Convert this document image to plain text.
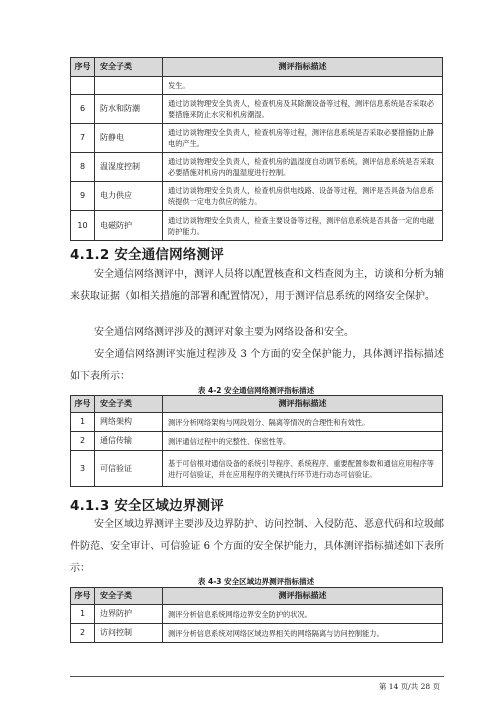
序号	安全子类	测评指标描述
		发生。
6	防水和防潮	通过访谈物理安全负责人，检查机房及其除潮设备等过程，测评信息系统是否采取必要措施来防止水灾和机房潮湿。
7	防静电	通过访谈物理安全负责人，检查机房等过程，测评信息系统是否采取必要措施防止静电的产生。
8	温湿度控制	通过访谈物理安全负责人，检查机房的温湿度自动调节系统，测评信息系统是否采取必要措施对机房内的温湿度进行控制。
9	电力供应	通过访谈物理安全负责人，检查机房供电线路、设备等过程，测评是否具备为信息系统提供一定电力供应的能力。
10	电磁防护	通过访谈物理安全负责人，检查主要设备等过程，测评信息系统是否具备一定的电磁防护能力。
4.1.2 安全通信网络测评
安全通信网络测评中，测评人员将以配置核查和文档查阅为主，访谈和分析为辅来获取证据（如相关措施的部署和配置情况），用于测评信息系统的网络安全保护。
安全通信网络测评涉及的测评对象主要为网络设备和安全。
安全通信网络测评实施过程涉及 3 个方面的安全保护能力，具体测评指标描述如下表所示：
表 4-2 安全通信网络测评指标描述
序号	安全子类	测评指标描述
1	网络架构	测评分析网络架构与网段划分、隔离等情况的合理性和有效性。
2	通信传输	测评通信过程中的完整性、保密性等。
3	可信验证	基于可信根对通信设备的系统引导程序、系统程序、重要配置参数和通信应用程序等进行可信验证，并在应用程序的关键执行环节进行动态可信验证。
4.1.3 安全区域边界测评
安全区域边界测评主要涉及边界防护、访问控制、入侵防范、恶意代码和垃圾邮件防范、安全审计、可信验证 6 个方面的安全保护能力，具体测评指标描述如下表所示：
表 4-3 安全区域边界测评指标描述
序号	安全子类	测评指标描述
1	边界防护	测评分析信息系统网络边界安全防护的状况。
2	访问控制	测评分析信息系统对网络区域边界相关的网络隔离与访问控制能力。
第 14 页/共 28 页
